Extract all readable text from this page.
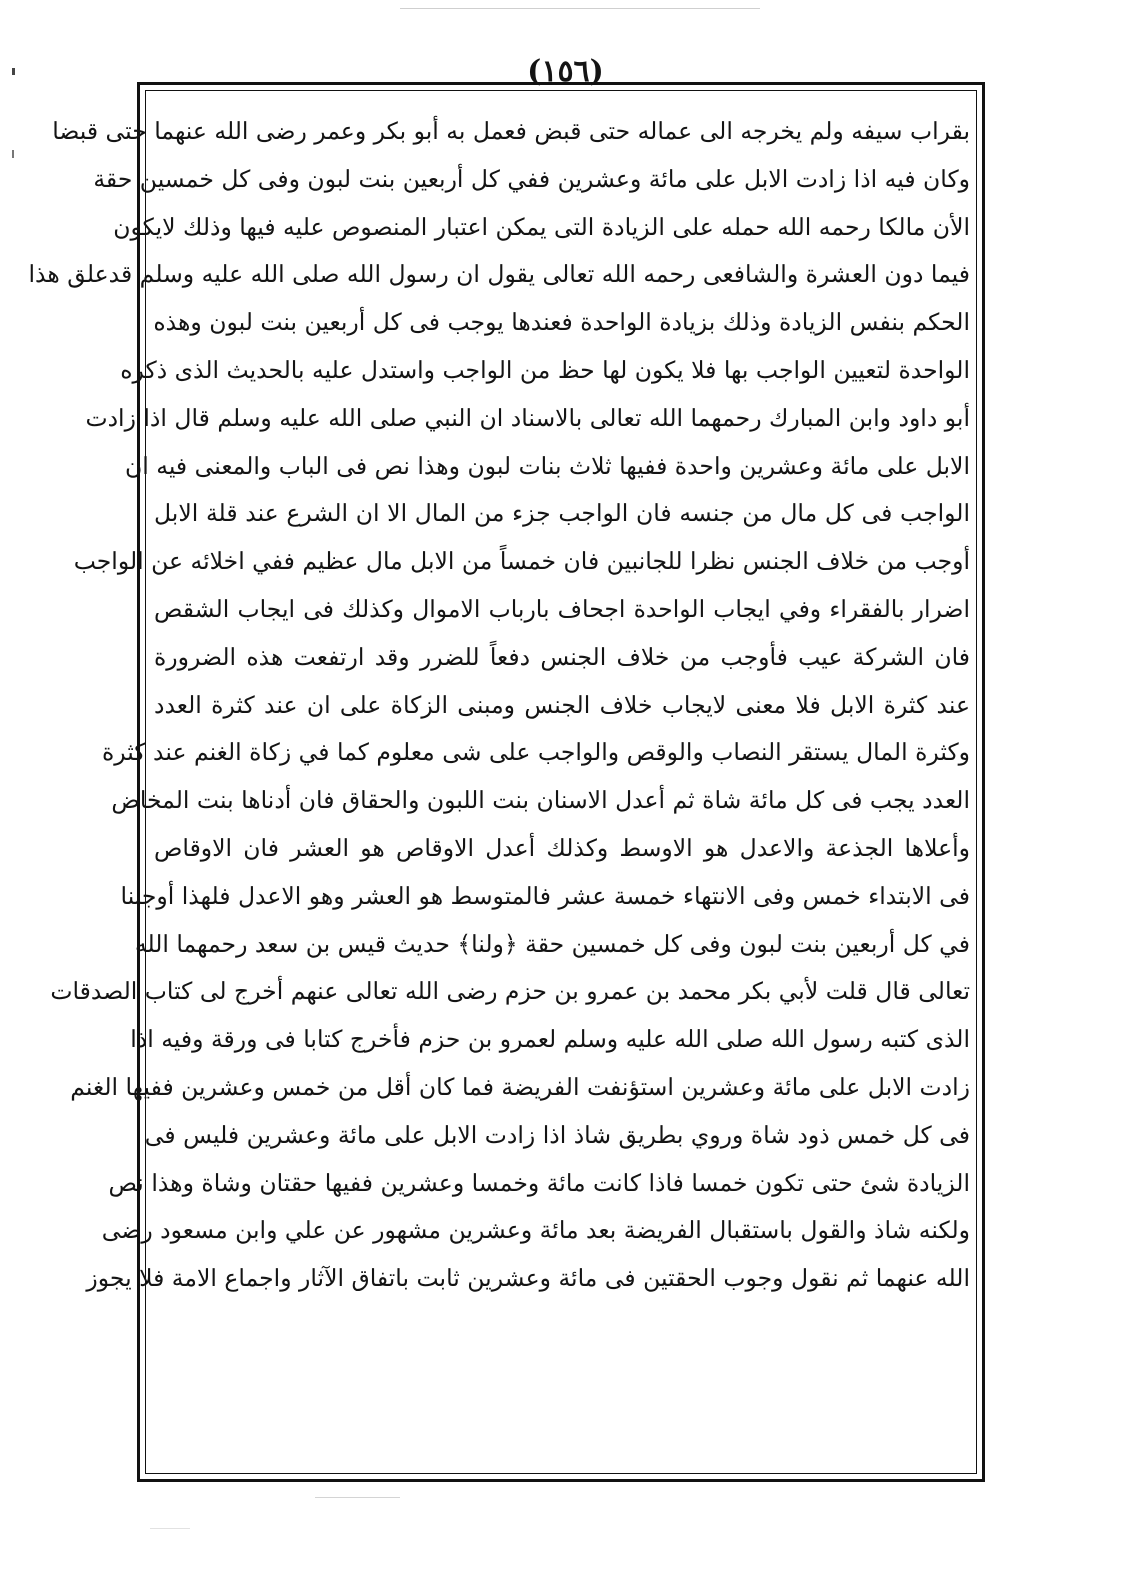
(١٥٦)
بقراب سيفه ولم يخرجه الى عماله حتى قبض فعمل به أبو بكر وعمر رضى الله عنهما حتى قبضا
وكان فيه اذا زادت الابل على مائة وعشرين ففي كل أربعين بنت لبون وفى كل خمسين حقة
الأن مالكا رحمه الله حمله على الزيادة التى يمكن اعتبار المنصوص عليه فيها وذلك لايكون
فيما دون العشرة والشافعى رحمه الله تعالى يقول ان رسول الله صلى الله عليه وسلم قدعلق هذا
الحكم بنفس الزيادة وذلك بزيادة الواحدة فعندها يوجب فى كل أربعين بنت لبون وهذه
الواحدة لتعيين الواجب بها فلا يكون لها حظ من الواجب واستدل عليه بالحديث الذى ذكره
أبو داود وابن المبارك رحمهما الله تعالى بالاسناد ان النبي صلى الله عليه وسلم قال اذا زادت
الابل على مائة وعشرين واحدة ففيها ثلاث بنات لبون وهذا نص فى الباب والمعنى فيه ان
الواجب فى كل مال من جنسه فان الواجب جزء من المال الا ان الشرع عند قلة الابل
أوجب من خلاف الجنس نظرا للجانبين فان خمساً من الابل مال عظيم ففي اخلائه عن الواجب
اضرار بالفقراء وفي ايجاب الواحدة اجحاف بارباب الاموال وكذلك فى ايجاب الشقص
فان الشركة عيب فأوجب من خلاف الجنس دفعاً للضرر وقد ارتفعت هذه الضرورة
عند كثرة الابل فلا معنى لايجاب خلاف الجنس ومبنى الزكاة على ان عند كثرة العدد
وكثرة المال يستقر النصاب والوقص والواجب على شى معلوم كما في زكاة الغنم عند كثرة
العدد يجب فى كل مائة شاة ثم أعدل الاسنان بنت اللبون والحقاق فان أدناها بنت المخاض
وأعلاها الجذعة والاعدل هو الاوسط وكذلك أعدل الاوقاص هو العشر فان الاوقاص
فى الابتداء خمس وفى الانتهاء خمسة عشر فالمتوسط هو العشر وهو الاعدل فلهذا أوجبنا
في كل أربعين بنت لبون وفى كل خمسين حقة ﴿ولنا﴾ حديث قيس بن سعد رحمهما الله
تعالى قال قلت لأبي بكر محمد بن عمرو بن حزم رضى الله تعالى عنهم أخرج لى كتاب الصدقات
الذى كتبه رسول الله صلى الله عليه وسلم لعمرو بن حزم فأخرج كتابا فى ورقة وفيه اذا
زادت الابل على مائة وعشرين استؤنفت الفريضة فما كان أقل من خمس وعشرين ففيها الغنم
فى كل خمس ذود شاة وروي بطريق شاذ اذا زادت الابل على مائة وعشرين فليس فى
الزيادة شئ حتى تكون خمسا فاذا كانت مائة وخمسا وعشرين ففيها حقتان وشاة وهذا نص
ولكنه شاذ والقول باستقبال الفريضة بعد مائة وعشرين مشهور عن علي وابن مسعود رضى
الله عنهما ثم نقول وجوب الحقتين فى مائة وعشرين ثابت باتفاق الآثار واجماع الامة فلا يجوز
